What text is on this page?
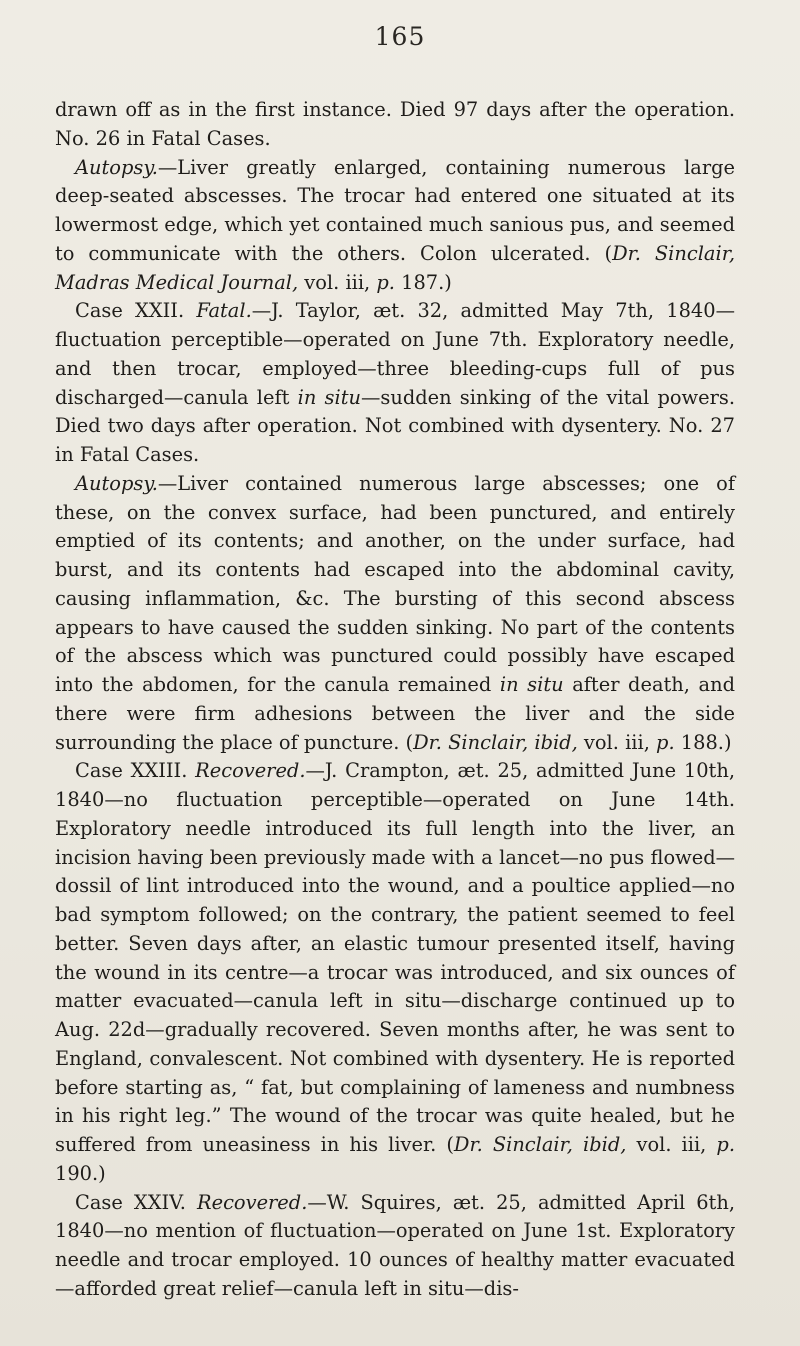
165

drawn off as in the first instance. Died 97 days after the operation. No. 26 in Fatal Cases.

Autopsy.—Liver greatly enlarged, containing numerous large deep-seated abscesses. The trocar had entered one situated at its lowermost edge, which yet contained much sanious pus, and seemed to communicate with the others. Colon ulcerated. (Dr. Sinclair, Madras Medical Journal, vol. iii, p. 187.)

Case XXII. Fatal.—J. Taylor, æt. 32, admitted May 7th, 1840—fluctuation perceptible—operated on June 7th. Exploratory needle, and then trocar, employed—three bleeding-cups full of pus discharged—canula left in situ—sudden sinking of the vital powers. Died two days after operation. Not combined with dysentery. No. 27 in Fatal Cases.

Autopsy.—Liver contained numerous large abscesses; one of these, on the convex surface, had been punctured, and entirely emptied of its contents; and another, on the under surface, had burst, and its contents had escaped into the abdominal cavity, causing inflammation, &c. The bursting of this second abscess appears to have caused the sudden sinking. No part of the contents of the abscess which was punctured could possibly have escaped into the abdomen, for the canula remained in situ after death, and there were firm adhesions between the liver and the side surrounding the place of puncture. (Dr. Sinclair, ibid, vol. iii, p. 188.)

Case XXIII. Recovered.—J. Crampton, æt. 25, admitted June 10th, 1840—no fluctuation perceptible—operated on June 14th. Exploratory needle introduced its full length into the liver, an incision having been previously made with a lancet—no pus flowed—dossil of lint introduced into the wound, and a poultice applied—no bad symptom followed; on the contrary, the patient seemed to feel better. Seven days after, an elastic tumour presented itself, having the wound in its centre—a trocar was introduced, and six ounces of matter evacuated—canula left in situ—discharge continued up to Aug. 22d—gradually recovered. Seven months after, he was sent to England, convalescent. Not combined with dysentery. He is reported before starting as, “ fat, but complaining of lameness and numbness in his right leg.” The wound of the trocar was quite healed, but he suffered from uneasiness in his liver. (Dr. Sinclair, ibid, vol. iii, p. 190.)

Case XXIV. Recovered.—W. Squires, æt. 25, admitted April 6th, 1840—no mention of fluctuation—operated on June 1st. Exploratory needle and trocar employed. 10 ounces of healthy matter evacuated—afforded great relief—canula left in situ—dis-
